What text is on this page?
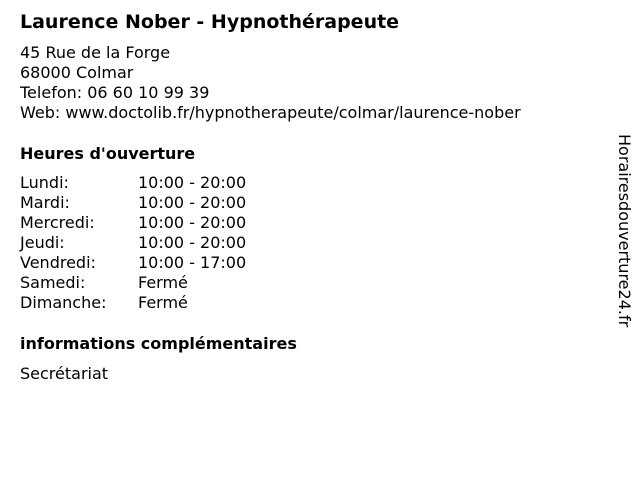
Laurence Nober - Hypnothérapeute
45 Rue de la Forge
68000 Colmar
Telefon: 06 60 10 99 39
Web: www.doctolib.fr/hypnotherapeute/colmar/laurence-nober
Heures d'ouverture
Lundi:	10:00 - 20:00
Mardi:	10:00 - 20:00
Mercredi:	10:00 - 20:00
Jeudi:	10:00 - 20:00
Vendredi:	10:00 - 17:00
Samedi:	Fermé
Dimanche: Fermé
informations complémentaires
Secrétariat
Horairesdouverture24.fr
